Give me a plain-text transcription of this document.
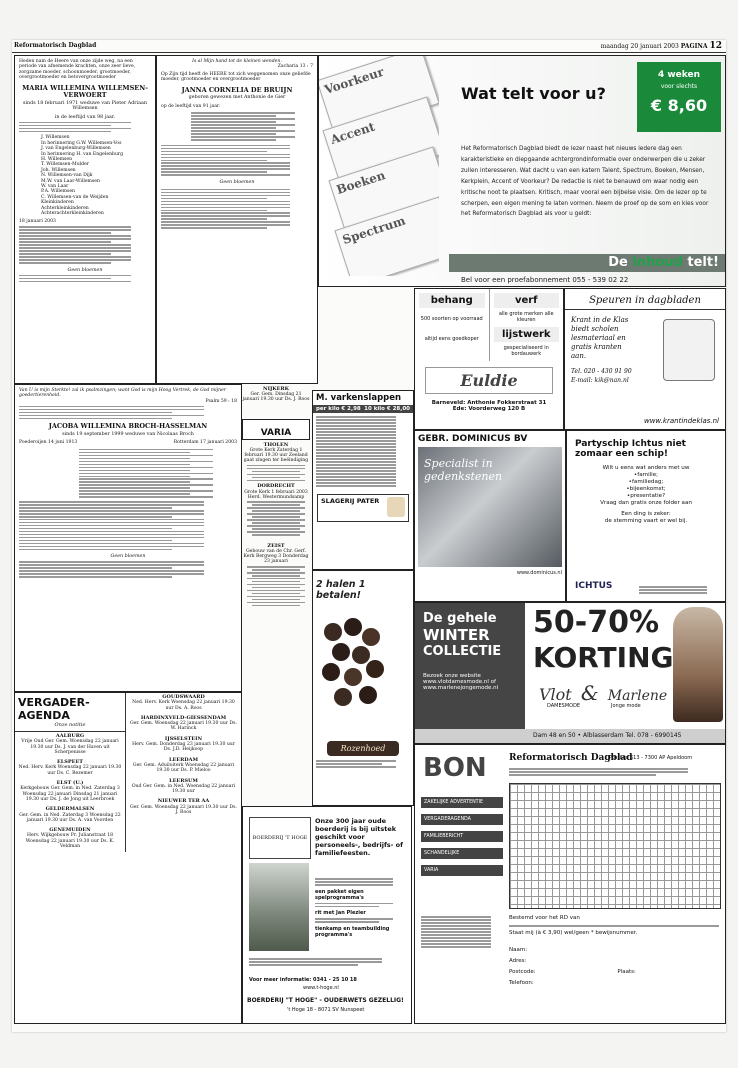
Reformatorisch Dagblad	maandag 20 januari 2003 PAGINA 12
Heden nam de Heere van onze zijde weg, na een periode van afnemende krachten, onze zeer lieve, zorgzame moeder, schoonmoeder, grootmoeder, overgrootmoeder en betovergrootmoeder
MARIA WILLEMINA WILLEMSEN-VERWOERT
sinds 18 februari 1971 weduwe van Pieter Adriaan Willemsen
in de leeftijd van 98 jaar.
J. Willemsen
In herinnering G.W. Willemsen-Vos
J. van Engelenburg-Willemsen
In herinnering H. van Engelenburg
H. Willemsen
T. Willemsen-Mulder
Joh. Willemsen
N. Willemsen-van Dijk
M.W. van Laar-Willemsen
W. van Laar
P.A. Willemsen
C. Willemsen-van de Weijden
Kleinkinderen
Achterkleinkinderen
Achterachterkleinkinderen
18 januari 2003
Geen bloemen
Is al Mijn hand tot de kleinen wenden.
Zacharia 13 : 7
Op Zijn tijd heeft de HEERE tot zich weggenomen onze geliefde moeder, grootmoeder en overgrootmoeder
JANNA CORNELIA DE BRUIJN
geboren gewezen met Anthonie de Gier
op de leeftijd van 91 jaar.
Geen bloemen
Voorkeur
Accent
Boeken
Spectrum
Wat telt voor u?
4 weken
voor slechts
€ 8,60
Het Reformatorisch Dagblad biedt de lezer naast het nieuws iedere dag een karakteristieke en diepgaande achtergrondinformatie over onderwerpen die u zeker zullen interesseren. Wat dacht u van een katern Talent, Spectrum, Boeken, Mensen, Kerkplein, Accent of Voorkeur? De redactie is niet te benauwd om waar nodig een kritische noot te plaatsen. Kritisch, maar vooral een bijbelse visie. Om de lezer op te scherpen, een eigen mening te laten vormen. Neem de proef op de som en kies voor het Reformatorisch Dagblad als voor u geldt:
De inhoud telt!
Bel voor een proefabonnement 055 - 539 02 22
Van U is mijn Sterkte! zal ik psalmzingen; want God is mijn Hoog Vertrek, de God mijner goedertierenheid.
Psalm 59 : 18
JACOBA WILLEMINA BROCH-HASSELMAN
sinds 19 september 1999 weduwe van Nicolaas Broch
Poederoijen 14 juni 1913	Rotterdam 17 januari 2003
Geen bloemen
NIJKERK
Ger. Gem. Dinsdag 21 januari 19.30 uur Ds. J. Roos
VARIA
THOLEN
Grote Kerk Zaterdag 1 februari 19.30 uur Zeeland gaat zingen ter beëindiging
DORDRECHT
Grote Kerk 1 februari 2003 Herd. Westermundsamp
ZEIST
Gebouw van de Chr. Gerf. Kerk Bergweg 3 Donderdag 23 januari
M. varkenslappen
per kilo € 2,98 10 kilo € 28,00
SLAGERIJ PATER
2 halen 1 betalen!
Rozenhoed
behang
500 soorten op voorraad
altijd eens goedkoper
verf
alle grote merken alle kleuren
lijstwerk
gespecialiseerd in bordauwerk
Euldie
Barneveld: Anthonie Fokkerstraat 31
Ede: Voorderweg 120 B
Speuren in dagbladen
Krant in de Klas
biedt scholen
lesmateriaal en
gratis kranten
aan.
Tel. 020 - 430 91 90
E-mail: kik@nan.nl
www.krantindeklas.nl
GEBR. DOMINICUS BV
Specialist in gedenkstenen
www.dominicus.nl
Partyschip Ichtus niet zomaar een schip!
Wilt u eens wat anders met uw
•familie;
•familiedag;
•bijeenkomst;
•presentatie?
Vraag dan gratis onze folder aan
Een ding is zeker:
de stemming vaart er wel bij.
ICHTUS
De gehele
WINTER
COLLECTIE
Bezoek onze website
www.vlotdamesmode.nl of
www.marlenejongemode.nl
50-70%
KORTING
Vlot & Marlene
DAMESMODE	Jonge mode
Dam 48 en 50 • Alblasserdam Tel. 078 - 6990145
VERGADER-
AGENDA
Onze notitie
AALBURG
Vrije Oud Ger. Gem. Woensdag 22 januari 19.30 uur Ds. J. van der Haven uit Scherpenisse
ELSPEET
Ned. Herv. Kerk Woensdag 22 januari 19.30 uur Ds. C. Bezemer
ELST (U.)
Kerkgebouw Ger. Gem. in Ned. Zaterdag 3 Woensdag 22 januari Dinsdag 21 januari 19.30 uur Ds. J. de Jong uit Leerbroek
GELDERMALSEN
Ger. Gem. in Ned. Zaterdag 3 Woensdag 22 januari 19.30 uur Ds. A. van Voorden
GENEMUIDEN
Herv. Wijkgebouw Pr. Julianstraat 18 Woensdag 22 januari 19.30 uur Ds. K. Veldman
GOUDSWAARD
Ned. Herv. Kerk Woensdag 22 januari 19.30 uur Ds. A. Roos
HARDINXVELD-GIESSENDAM
Ger. Gem. Woensdag 22 januari 19.30 uur Ds. W. Harinck
IJSSELSTEIN
Herv. Gem. Donderdag 23 januari 19.30 uur Ds. J.D. Heijkoop
LEERDAM
Ger. Gem. Aduiloiterk Woensdag 22 januari 19.30 uur Ds. P. Mieloo
LEERSUM
Oud Ger. Gem. in Ned. Woensdag 22 januari 19.30 uur
NIEUWER TER AA
Ger. Gem. Woensdag 22 januari 19.30 uur Ds. J. Roos
BOERDERIJ 'T HOGE
Onze 300 jaar oude boerderij is bij uitstek geschikt voor personeels-, bedrijfs- of familiefeesten.
een pakket eigen spelprogramma's
rit met Jan Plezier
tienkamp en teambuilding programma's
Voor meer informatie: 0341 - 25 10 18
www.t-hoge.nl
BOERDERIJ "T HOGE" - OUDERWETS GEZELLIG!
't Hoge 18 - 8071 SV Nunspeet
BON Reformatorisch Dagblad
Postbus 613 - 7300 AP Apeldoorn
ZAKELIJKE ADVERTENTIE
VERGADERAGENDA
FAMILIEBERICHT
SCHANDELIJKE
VARIA
Bestemd voor het RD van
Staat mij (à € 3,90) wel/geen * bewijsnummer.
Naam:
Adres:
Postcode:	Plaats:
Telefoon:
